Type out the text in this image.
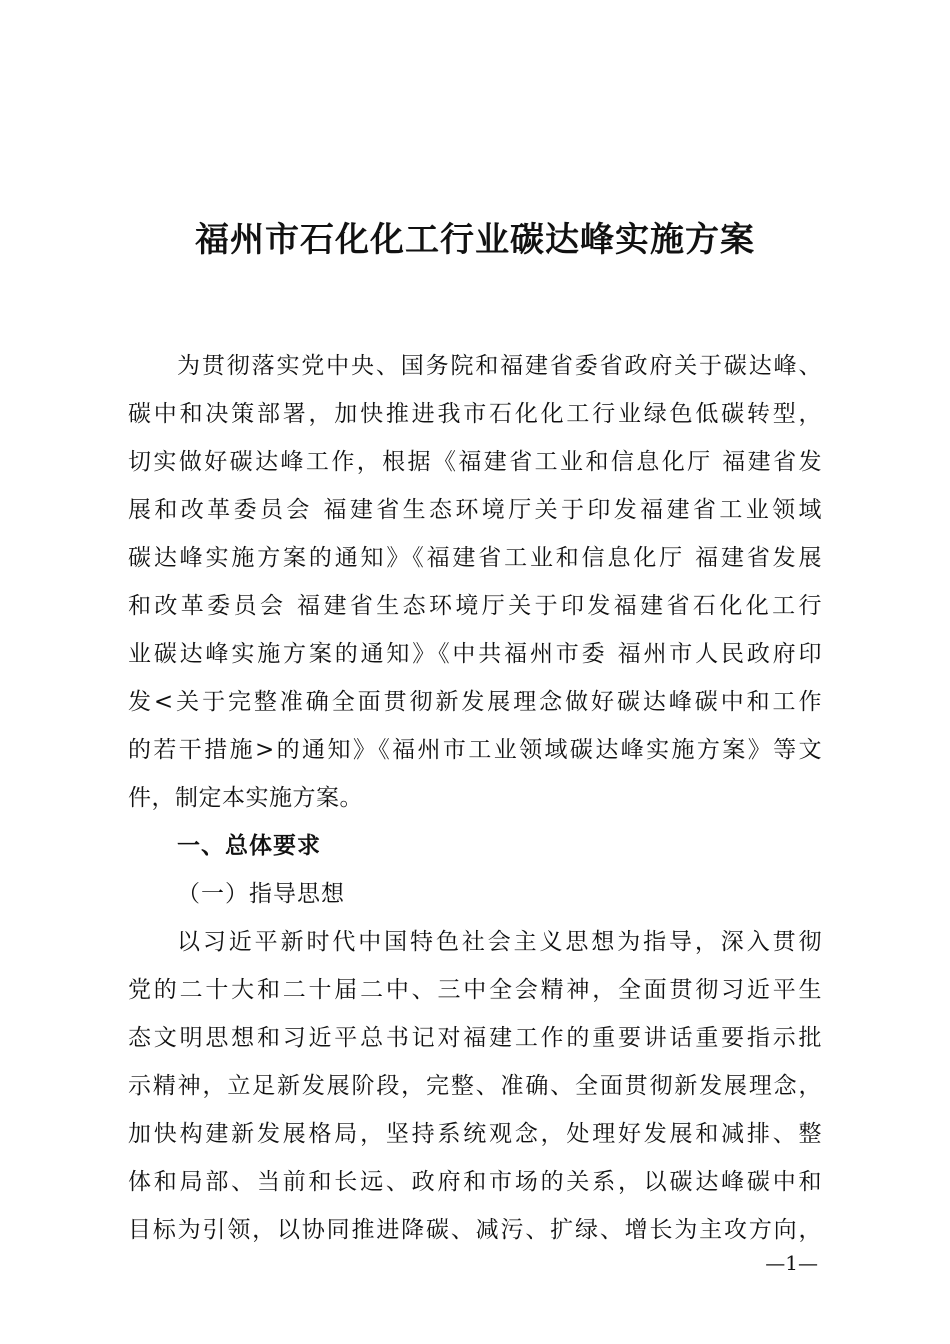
福州市石化化工行业碳达峰实施方案
为贯彻落实党中央、国务院和福建省委省政府关于碳达峰、
碳中和决策部署，加快推进我市石化化工行业绿色低碳转型，
切实做好碳达峰工作，根据《福建省工业和信息化厅 福建省发
展和改革委员会 福建省生态环境厅关于印发福建省工业领域
碳达峰实施方案的通知》《福建省工业和信息化厅 福建省发展
和改革委员会 福建省生态环境厅关于印发福建省石化化工行
业碳达峰实施方案的通知》《中共福州市委 福州市人民政府印
发<关于完整准确全面贯彻新发展理念做好碳达峰碳中和工作
的若干措施>的通知》《福州市工业领域碳达峰实施方案》等文
件，制定本实施方案。
一、总体要求
（一）指导思想
以习近平新时代中国特色社会主义思想为指导，深入贯彻
党的二十大和二十届二中、三中全会精神，全面贯彻习近平生
态文明思想和习近平总书记对福建工作的重要讲话重要指示批
示精神，立足新发展阶段，完整、准确、全面贯彻新发展理念，
加快构建新发展格局，坚持系统观念，处理好发展和减排、整
体和局部、当前和长远、政府和市场的关系，以碳达峰碳中和
目标为引领，以协同推进降碳、减污、扩绿、增长为主攻方向，
—1—
